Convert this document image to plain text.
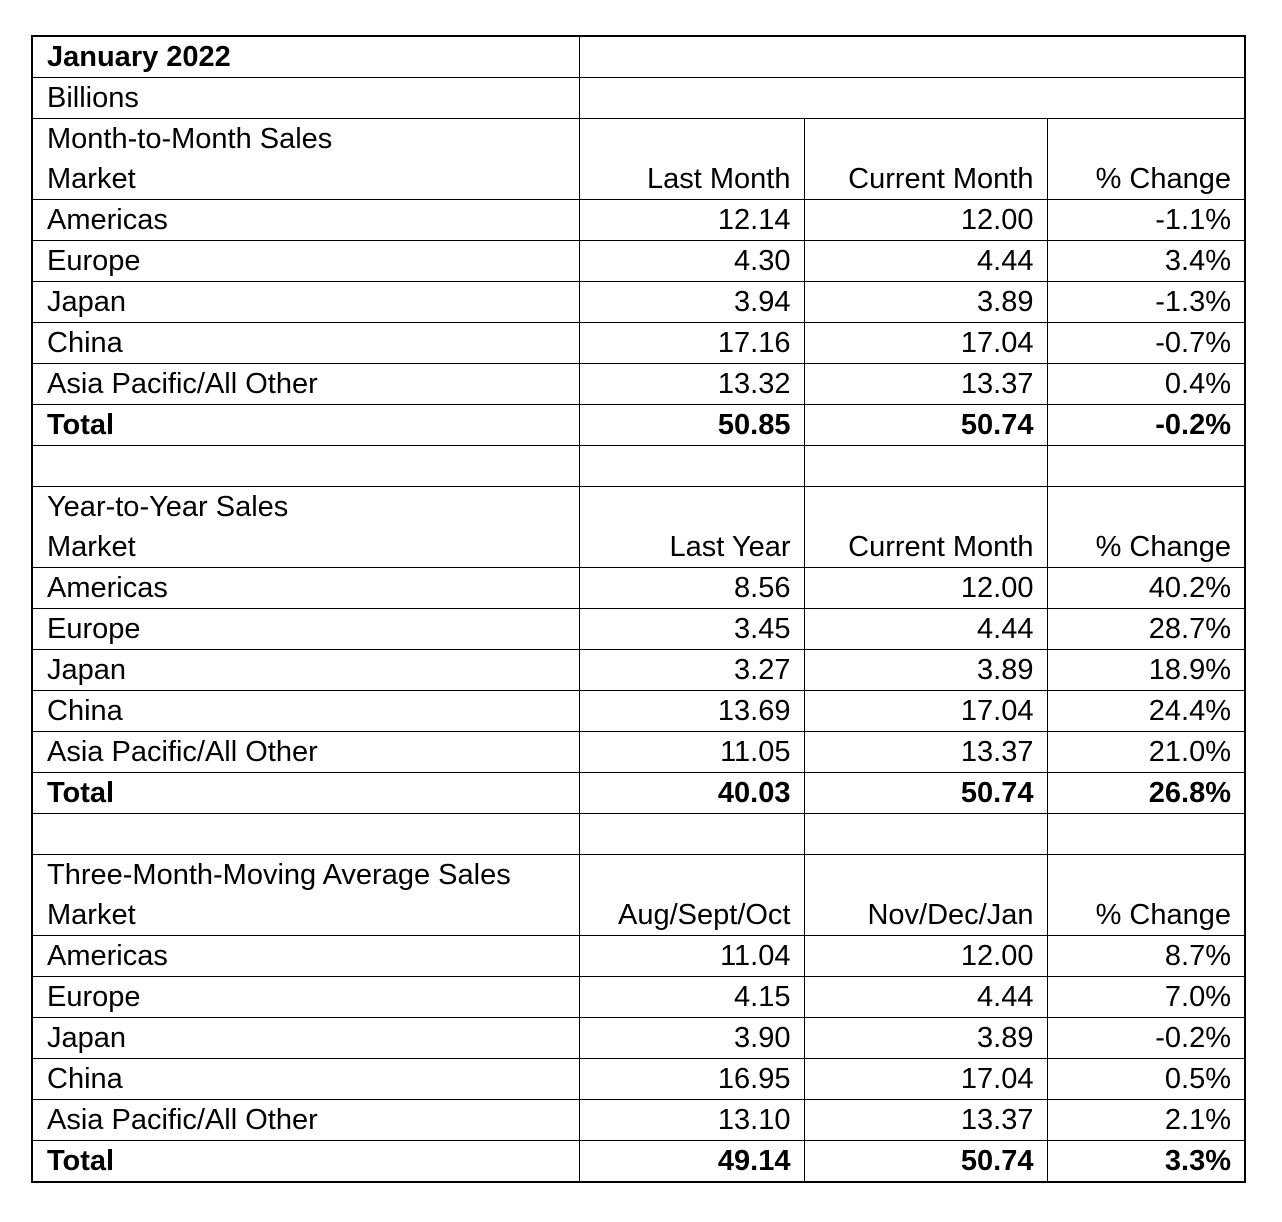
January 2022			
Billions			
Month-to-Month Sales			
Market	Last Month	Current Month	% Change
Americas	12.14	12.00	-1.1%
Europe	4.30	4.44	3.4%
Japan	3.94	3.89	-1.3%
China	17.16	17.04	-0.7%
Asia Pacific/All Other	13.32	13.37	0.4%
Total	50.85	50.74	-0.2%

Year-to-Year Sales			
Market	Last Year	Current Month	% Change
Americas	8.56	12.00	40.2%
Europe	3.45	4.44	28.7%
Japan	3.27	3.89	18.9%
China	13.69	17.04	24.4%
Asia Pacific/All Other	11.05	13.37	21.0%
Total	40.03	50.74	26.8%

Three-Month-Moving Average Sales			
Market	Aug/Sept/Oct	Nov/Dec/Jan	% Change
Americas	11.04	12.00	8.7%
Europe	4.15	4.44	7.0%
Japan	3.90	3.89	-0.2%
China	16.95	17.04	0.5%
Asia Pacific/All Other	13.10	13.37	2.1%
Total	49.14	50.74	3.3%
